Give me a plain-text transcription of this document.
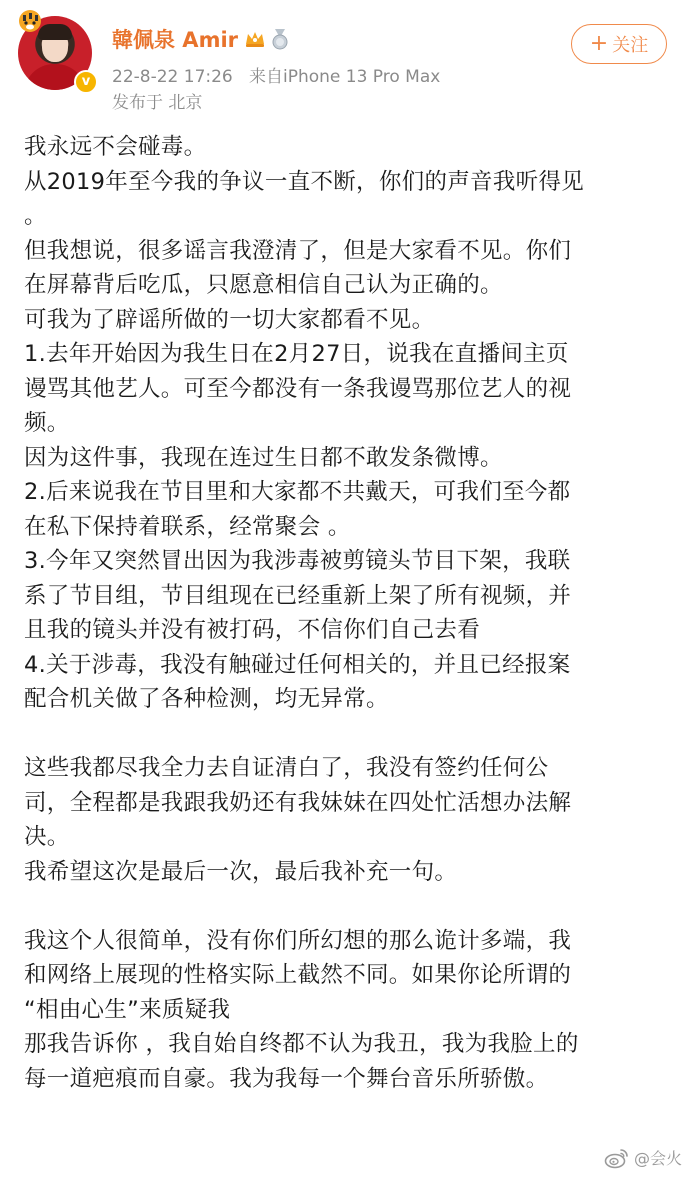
v
韓佩泉 Amir
22-8-22 17:26 来自iPhone 13 Pro Max
发布于 北京
+ 关注
我永远不会碰毒。
从2019年至今我的争议一直不断，你们的声音我听得见
。
但我想说，很多谣言我澄清了，但是大家看不见。你们
在屏幕背后吃瓜，只愿意相信自己认为正确的。
可我为了辟谣所做的一切大家都看不见。
1.去年开始因为我生日在2月27日，说我在直播间主页
谩骂其他艺人。可至今都没有一条我谩骂那位艺人的视
频。
因为这件事，我现在连过生日都不敢发条微博。
2.后来说我在节目里和大家都不共戴天，可我们至今都
在私下保持着联系，经常聚会 。
3.今年又突然冒出因为我涉毒被剪镜头节目下架，我联
系了节目组，节目组现在已经重新上架了所有视频，并
且我的镜头并没有被打码，不信你们自己去看
4.关于涉毒，我没有触碰过任何相关的，并且已经报案
配合机关做了各种检测，均无异常。
这些我都尽我全力去自证清白了，我没有签约任何公
司，全程都是我跟我奶还有我妹妹在四处忙活想办法解
决。
我希望这次是最后一次，最后我补充一句。
我这个人很简单，没有你们所幻想的那么诡计多端，我
和网络上展现的性格实际上截然不同。如果你论所谓的
“相由心生”来质疑我
那我告诉你 ，我自始自终都不认为我丑，我为我脸上的
每一道疤痕而自豪。我为我每一个舞台音乐所骄傲。
@会火
